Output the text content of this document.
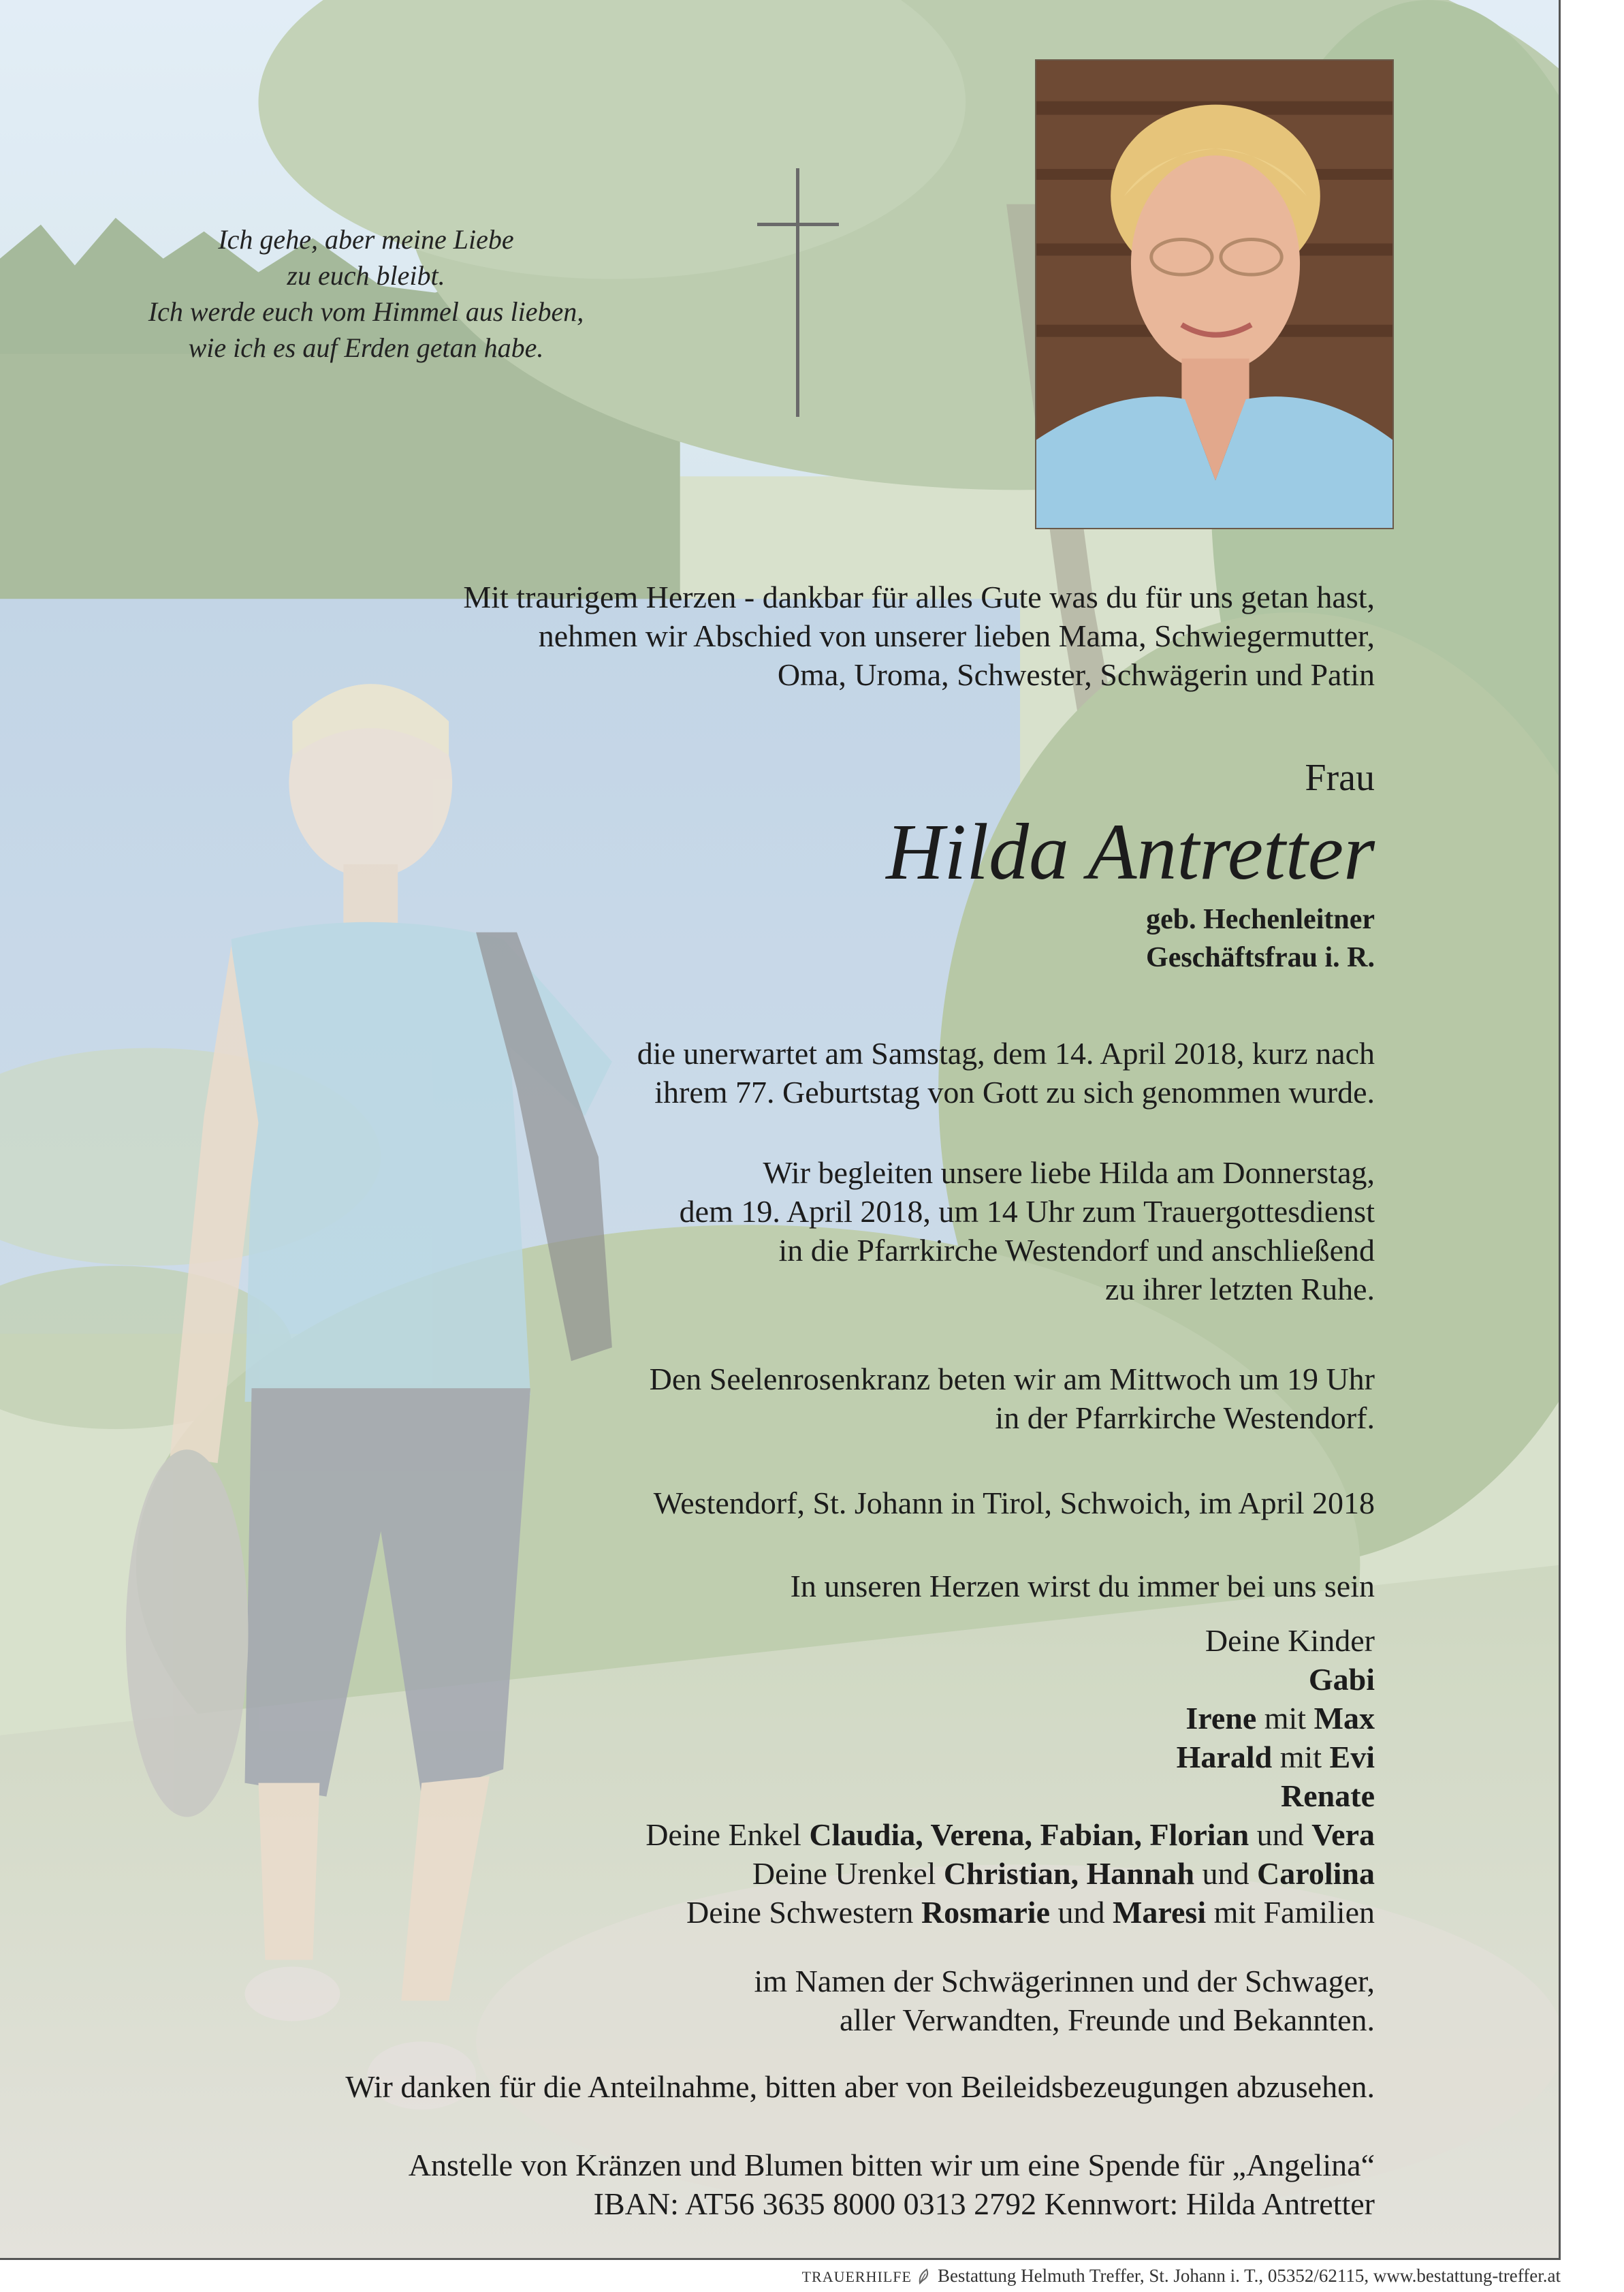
Ich gehe, aber meine Liebe
zu euch bleibt.
Ich werde euch vom Himmel aus lieben,
wie ich es auf Erden getan habe.
Mit traurigem Herzen - dankbar für alles Gute was du für uns getan hast,
nehmen wir Abschied von unserer lieben Mama, Schwiegermutter,
Oma, Uroma, Schwester, Schwägerin und Patin
Frau
Hilda Antretter
geb. Hechenleitner
Geschäftsfrau i. R.
die unerwartet am Samstag, dem 14. April 2018, kurz nach
ihrem 77. Geburtstag von Gott zu sich genommen wurde.
Wir begleiten unsere liebe Hilda am Donnerstag,
dem 19. April 2018, um 14 Uhr zum Trauergottesdienst
in die Pfarrkirche Westendorf und anschließend
zu ihrer letzten Ruhe.
Den Seelenrosenkranz beten wir am Mittwoch um 19 Uhr
in der Pfarrkirche Westendorf.
Westendorf, St. Johann in Tirol, Schwoich, im April 2018
In unseren Herzen wirst du immer bei uns sein
Deine Kinder
Gabi
Irene mit Max
Harald mit Evi
Renate
Deine Enkel Claudia, Verena, Fabian, Florian und Vera
Deine Urenkel Christian, Hannah und Carolina
Deine Schwestern Rosmarie und Maresi mit Familien
im Namen der Schwägerinnen und der Schwager,
aller Verwandten, Freunde und Bekannten.
Wir danken für die Anteilnahme, bitten aber von Beileidsbezeugungen abzusehen.
Anstelle von Kränzen und Blumen bitten wir um eine Spende für „Angelina“
IBAN: AT56 3635 8000 0313 2792 Kennwort: Hilda Antretter
TRAUERHILFE Bestattung Helmuth Treffer, St. Johann i. T., 05352/62115, www.bestattung-treffer.at
